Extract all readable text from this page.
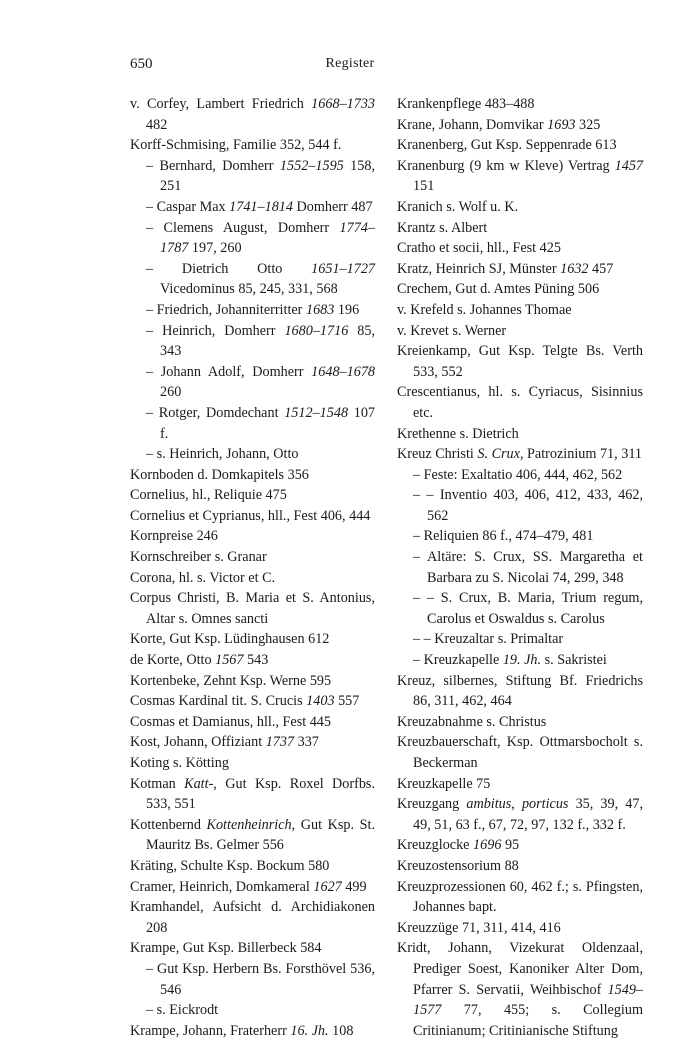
650	Register
v. Corfey, Lambert Friedrich 1668–1733 482
Korff-Schmising, Familie 352, 544 f.
– Bernhard, Domherr 1552–1595 158, 251
– Caspar Max 1741–1814 Domherr 487
– Clemens August, Domherr 1774–1787 197, 260
– Dietrich Otto 1651–1727 Vicedominus 85, 245, 331, 568
– Friedrich, Johanniterritter 1683 196
– Heinrich, Domherr 1680–1716 85, 343
– Johann Adolf, Domherr 1648–1678 260
– Rotger, Domdechant 1512–1548 107 f.
– s. Heinrich, Johann, Otto
Kornboden d. Domkapitels 356
Cornelius, hl., Reliquie 475
Cornelius et Cyprianus, hll., Fest 406, 444
Kornpreise 246
Kornschreiber s. Granar
Corona, hl. s. Victor et C.
Corpus Christi, B. Maria et S. Antonius, Altar s. Omnes sancti
Korte, Gut Ksp. Lüdinghausen 612
de Korte, Otto 1567 543
Kortenbeke, Zehnt Ksp. Werne 595
Cosmas Kardinal tit. S. Crucis 1403 557
Cosmas et Damianus, hll., Fest 445
Kost, Johann, Offiziant 1737 337
Koting s. Kötting
Kotman Katt-, Gut Ksp. Roxel Dorfbs. 533, 551
Kottenbernd Kottenheinrich, Gut Ksp. St. Mauritz Bs. Gelmer 556
Kräting, Schulte Ksp. Bockum 580
Cramer, Heinrich, Domkameral 1627 499
Kramhandel, Aufsicht d. Archidiakonen 208
Krampe, Gut Ksp. Billerbeck 584
– Gut Ksp. Herbern Bs. Forsthövel 536, 546
– s. Eickrodt
Krampe, Johann, Fraterherr 16. Jh. 108
Krankenpflege 483–488
Krane, Johann, Domvikar 1693 325
Kranenberg, Gut Ksp. Seppenrade 613
Kranenburg (9 km w Kleve) Vertrag 1457 151
Kranich s. Wolf u. K.
Krantz s. Albert
Cratho et socii, hll., Fest 425
Kratz, Heinrich SJ, Münster 1632 457
Crechem, Gut d. Amtes Püning 506
v. Krefeld s. Johannes Thomae
v. Krevet s. Werner
Kreienkamp, Gut Ksp. Telgte Bs. Verth 533, 552
Crescentianus, hl. s. Cyriacus, Sisinnius etc.
Krethenne s. Dietrich
Kreuz Christi S. Crux, Patrozinium 71, 311
– Feste: Exaltatio 406, 444, 462, 562
– – Inventio 403, 406, 412, 433, 462, 562
– Reliquien 86 f., 474–479, 481
– Altäre: S. Crux, SS. Margaretha et Barbara zu S. Nicolai 74, 299, 348
– – S. Crux, B. Maria, Trium regum, Carolus et Oswaldus s. Carolus
– – Kreuzaltar s. Primaltar
– Kreuzkapelle 19. Jh. s. Sakristei
Kreuz, silbernes, Stiftung Bf. Friedrichs 86, 311, 462, 464
Kreuzabnahme s. Christus
Kreuzbauerschaft, Ksp. Ottmarsbocholt s. Beckerman
Kreuzkapelle 75
Kreuzgang ambitus, porticus 35, 39, 47, 49, 51, 63 f., 67, 72, 97, 132 f., 332 f.
Kreuzglocke 1696 95
Kreuzostensorium 88
Kreuzprozessionen 60, 462 f.; s. Pfingsten, Johannes bapt.
Kreuzzüge 71, 311, 414, 416
Kridt, Johann, Vizekurat Oldenzaal, Prediger Soest, Kanoniker Alter Dom, Pfarrer S. Servatii, Weihbischof 1549–1577 77, 455; s. Collegium Critinianum; Critinianische Stiftung
